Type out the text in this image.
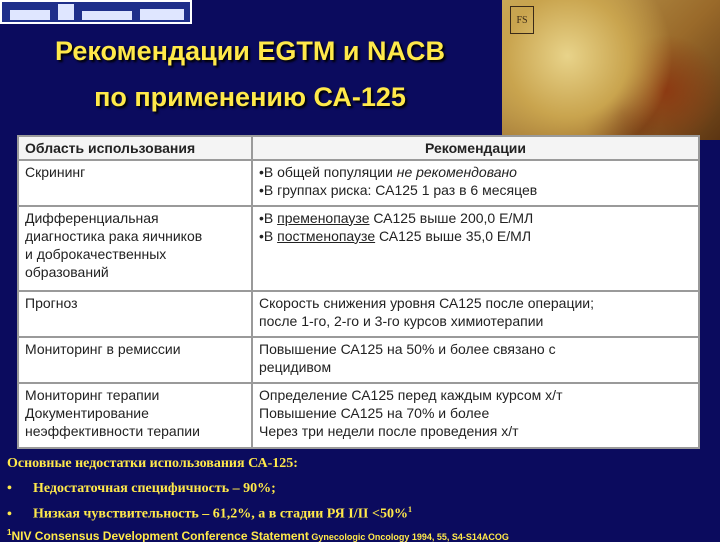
FS
Рекомендации EGTM и NACB
по применению СА-125
Область использования	Рекомендации

Скрининг	•В общей популяции не рекомендовано
•В группах риска: СА125 1 раз в 6 месяцев

Дифференциальная
диагностика рака яичников
и доброкачественных
образований	•В пременопаузе СА125 выше 200,0 Е/МЛ
•В постменопаузе СА125 выше 35,0 Е/МЛ

Прогноз	Скорость снижения уровня СА125 после операции;
после 1-го, 2-го и 3-го курсов химиотерапии

Мониторинг в ремиссии	Повышение СА125 на 50% и более связано с
рецидивом

Мониторинг терапии
Документирование
неэффективности терапии	Определение СА125 перед каждым курсом х/т
Повышение СА125 на 70% и более
Через три недели после проведения х/т
Основные недостатки использования СА-125:
• Недостаточная специфичность – 90%;
• Низкая чувствительность – 61,2%, а в стадии РЯ I/II <50%$^1$
$^1$NIV Consensus Development Conference Statement Gynecologic Oncology 1994, 55, S4-S14ACOG
